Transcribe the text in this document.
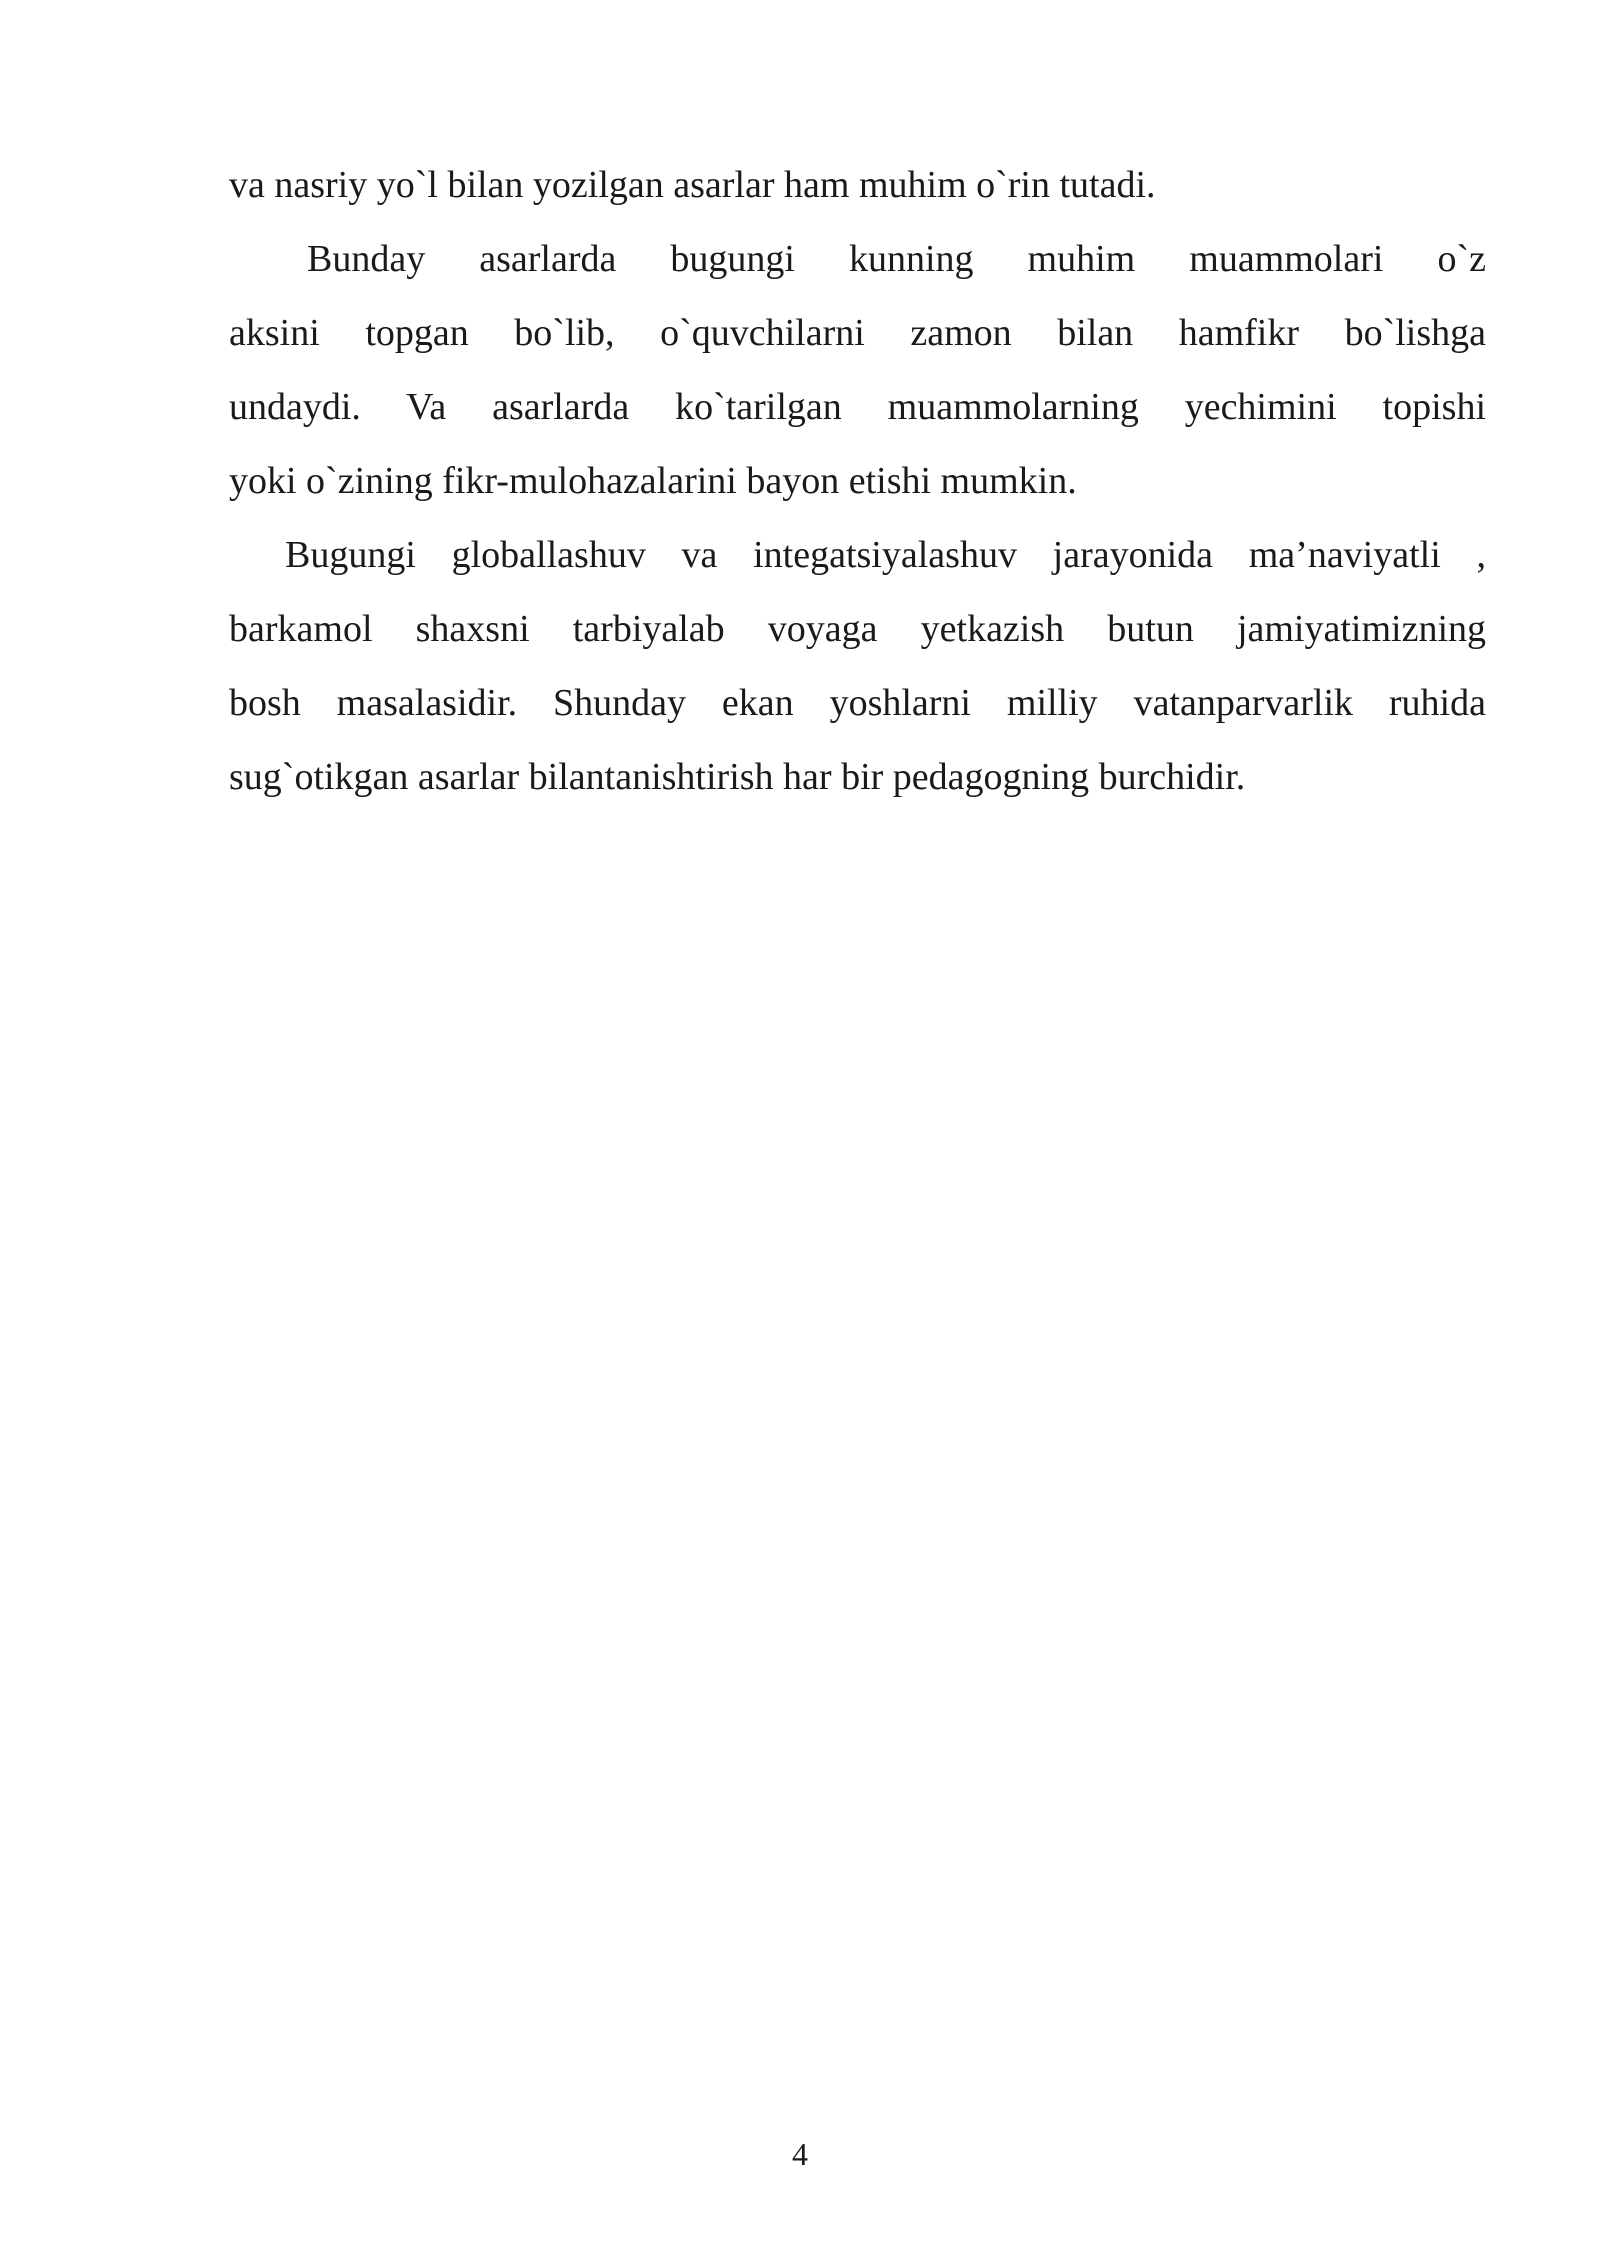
va nasriy yo`l bilan yozilgan asarlar ham muhim o`rin tutadi.
Bunday asarlarda bugungi kunning muhim muammolari o`z
aksini topgan bo`lib, o`quvchilarni zamon bilan hamfikr bo`lishga
undaydi. Va asarlarda ko`tarilgan muammolarning yechimini topishi
yoki o`zining fikr-mulohazalarini bayon etishi mumkin.
Bugungi globallashuv va integatsiyalashuv jarayonida ma’naviyatli ,
barkamol shaxsni tarbiyalab voyaga yetkazish butun jamiyatimizning
bosh masalasidir. Shunday ekan yoshlarni milliy vatanparvarlik ruhida
sug`otikgan asarlar bilantanishtirish har bir pedagogning burchidir.
4
